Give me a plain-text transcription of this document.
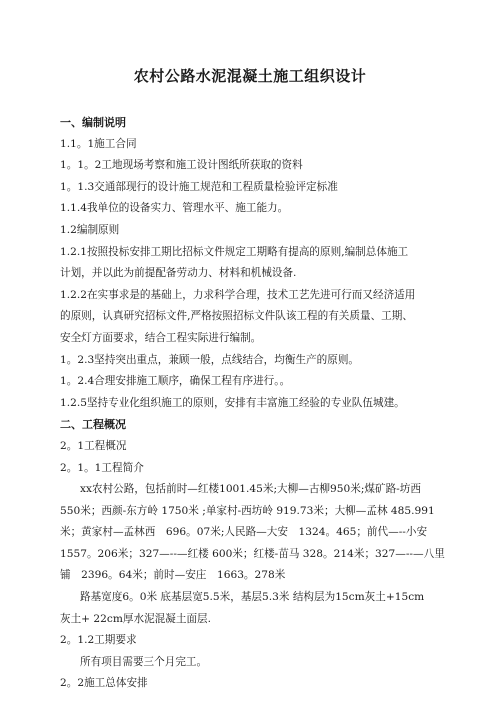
农村公路水泥混凝土施工组织设计
一、编制说明
1.1。1施工合同
1。1。2工地现场考察和施工设计图纸所获取的资料
1。1.3交通部现行的设计施工规范和工程质量检验评定标准
1.1.4我单位的设备实力、管理水平、施工能力。
1.2编制原则
1.2.1按照投标安排工期比招标文件规定工期略有提高的原则,编制总体施工
计划，并以此为前提配备劳动力、材料和机械设备.
1.2.2在实事求是的基础上，力求科学合理，技术工艺先进可行而又经济适用
的原则，认真研究招标文件,严格按照招标文件队该工程的有关质量、工期、
安全灯方面要求，结合工程实际进行编制。
1。2.3坚持突出重点，兼顾一般，点线结合，均衡生产的原则。
1。2.4合理安排施工顺序，确保工程有序进行。。
1.2.5坚持专业化组织施工的原则，安排有丰富施工经验的专业队伍城建。
二、工程概况
2。1工程概况
2。1。1工程简介
xx农村公路，包括前时—红楼1001.45米;大柳—古柳950米;煤矿路-坊西
550米；西颜-东方岭 1750米 ;单家村-西坊岭 919.73米；大柳—孟林 485.991
米；黄家村—孟林西　696。07米;人民路—大安　1324。465；前代—--小安
1557。206米；327—--—红楼 600米；红楼-苗马 328。214米；327—--—八里
铺　2396。64米；前时—安庄　1663。278米
路基宽度6。0米 底基层宽5.5米，基层5.3米 结构层为15cm灰土+15cm
灰土+ 22cm厚水泥混凝土面层.
2。1.2工期要求
所有项目需要三个月完工。
2。2施工总体安排
